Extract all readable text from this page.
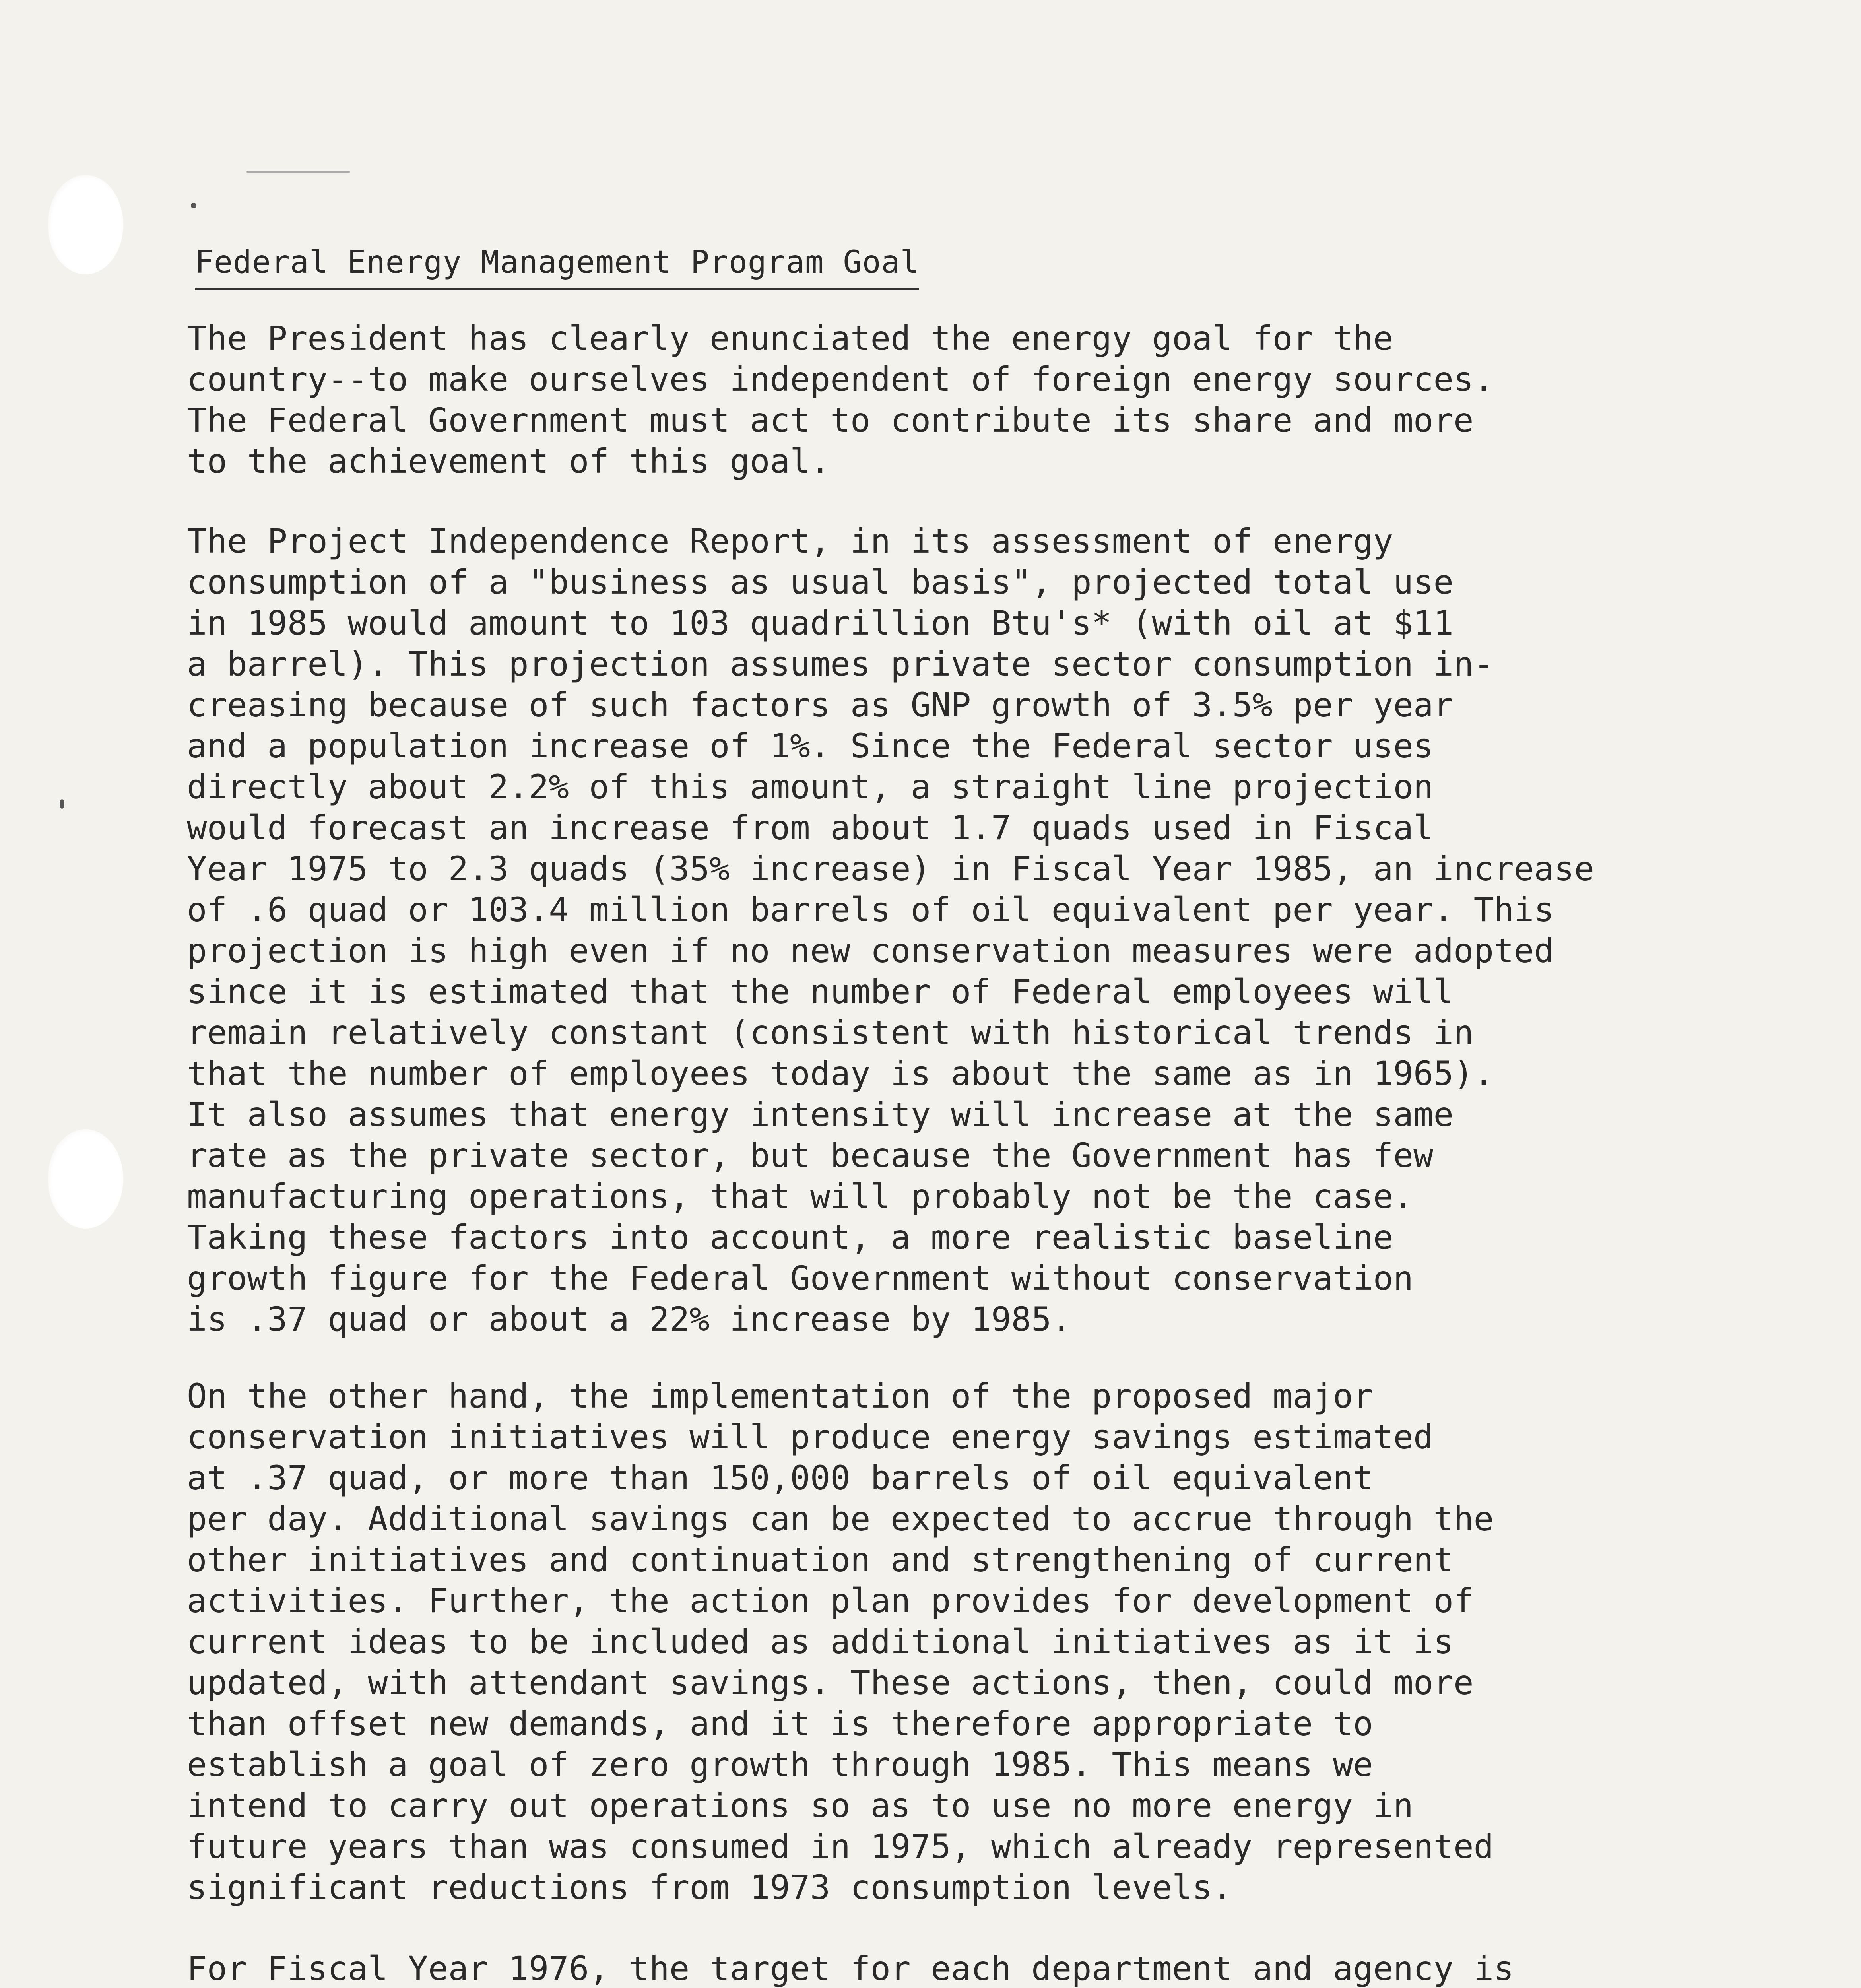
Federal Energy Management Program Goal
The President has clearly enunciated the energy goal for the
country--to make ourselves independent of foreign energy sources.
The Federal Government must act to contribute its share and more
to the achievement of this goal.
The Project Independence Report, in its assessment of energy
consumption of a "business as usual basis", projected total use
in 1985 would amount to 103 quadrillion Btu's* (with oil at $11
a barrel). This projection assumes private sector consumption in-
creasing because of such factors as GNP growth of 3.5% per year
and a population increase of 1%. Since the Federal sector uses
directly about 2.2% of this amount, a straight line projection
would forecast an increase from about 1.7 quads used in Fiscal
Year 1975 to 2.3 quads (35% increase) in Fiscal Year 1985, an increase
of .6 quad or 103.4 million barrels of oil equivalent per year. This
projection is high even if no new conservation measures were adopted
since it is estimated that the number of Federal employees will
remain relatively constant (consistent with historical trends in
that the number of employees today is about the same as in 1965).
It also assumes that energy intensity will increase at the same
rate as the private sector, but because the Government has few
manufacturing operations, that will probably not be the case.
Taking these factors into account, a more realistic baseline
growth figure for the Federal Government without conservation
is .37 quad or about a 22% increase by 1985.
On the other hand, the implementation of the proposed major
conservation initiatives will produce energy savings estimated
at .37 quad, or more than 150,000 barrels of oil equivalent
per day. Additional savings can be expected to accrue through the
other initiatives and continuation and strengthening of current
activities. Further, the action plan provides for development of
current ideas to be included as additional initiatives as it is
updated, with attendant savings. These actions, then, could more
than offset new demands, and it is therefore appropriate to
establish a goal of zero growth through 1985. This means we
intend to carry out operations so as to use no more energy in
future years than was consumed in 1975, which already represented
significant reductions from 1973 consumption levels.
For Fiscal Year 1976, the target for each department and agency is
